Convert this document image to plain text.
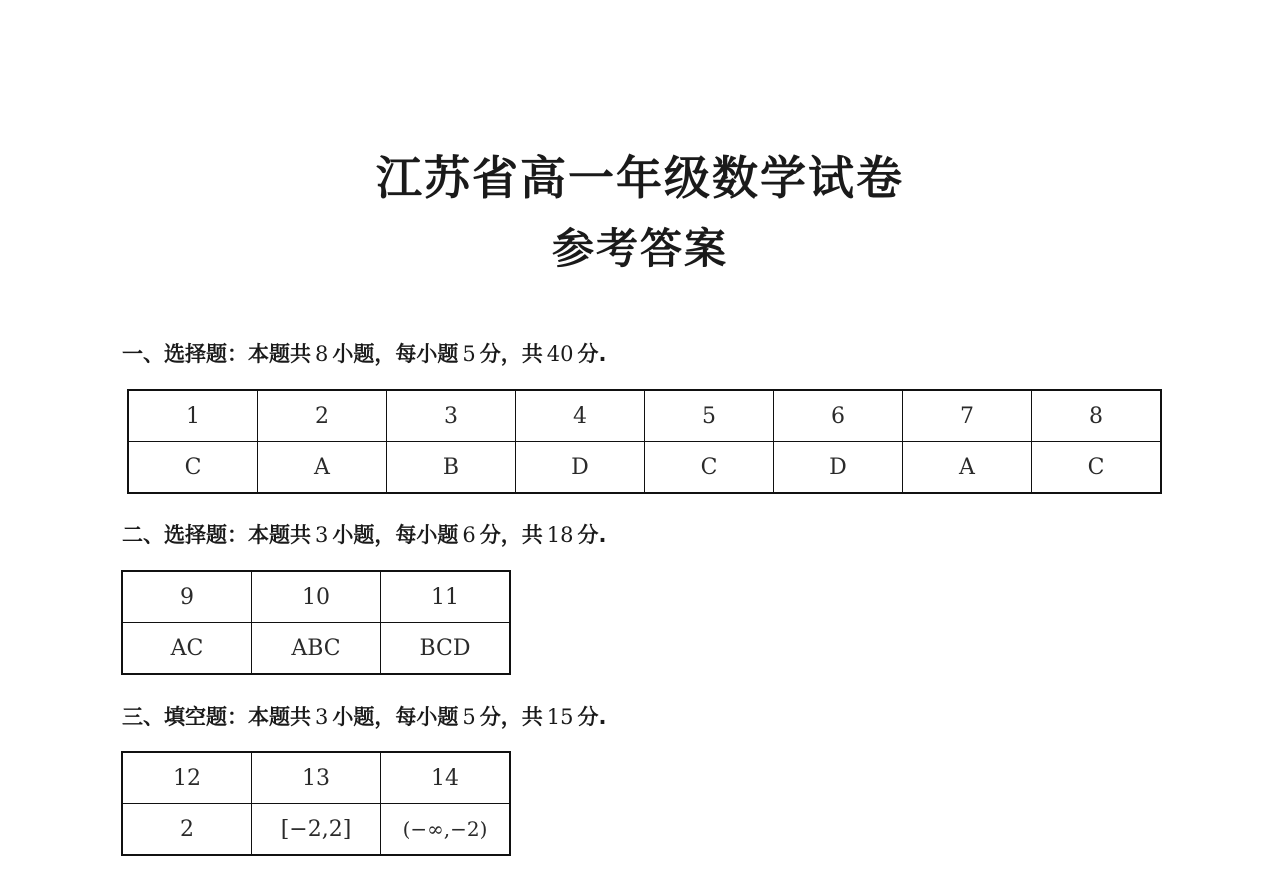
江苏省高一年级数学试卷
参考答案
一、选择题：本题共 8 小题，每小题 5 分，共 40 分.
1	2	3	4	5	6	7	8
C	A	B	D	C	D	A	C
二、选择题：本题共 3 小题，每小题 6 分，共 18 分.
9	10	11
AC	ABC	BCD
三、填空题：本题共 3 小题，每小题 5 分，共 15 分.
12	13	14
2	[−2,2]	(−∞,−2)
